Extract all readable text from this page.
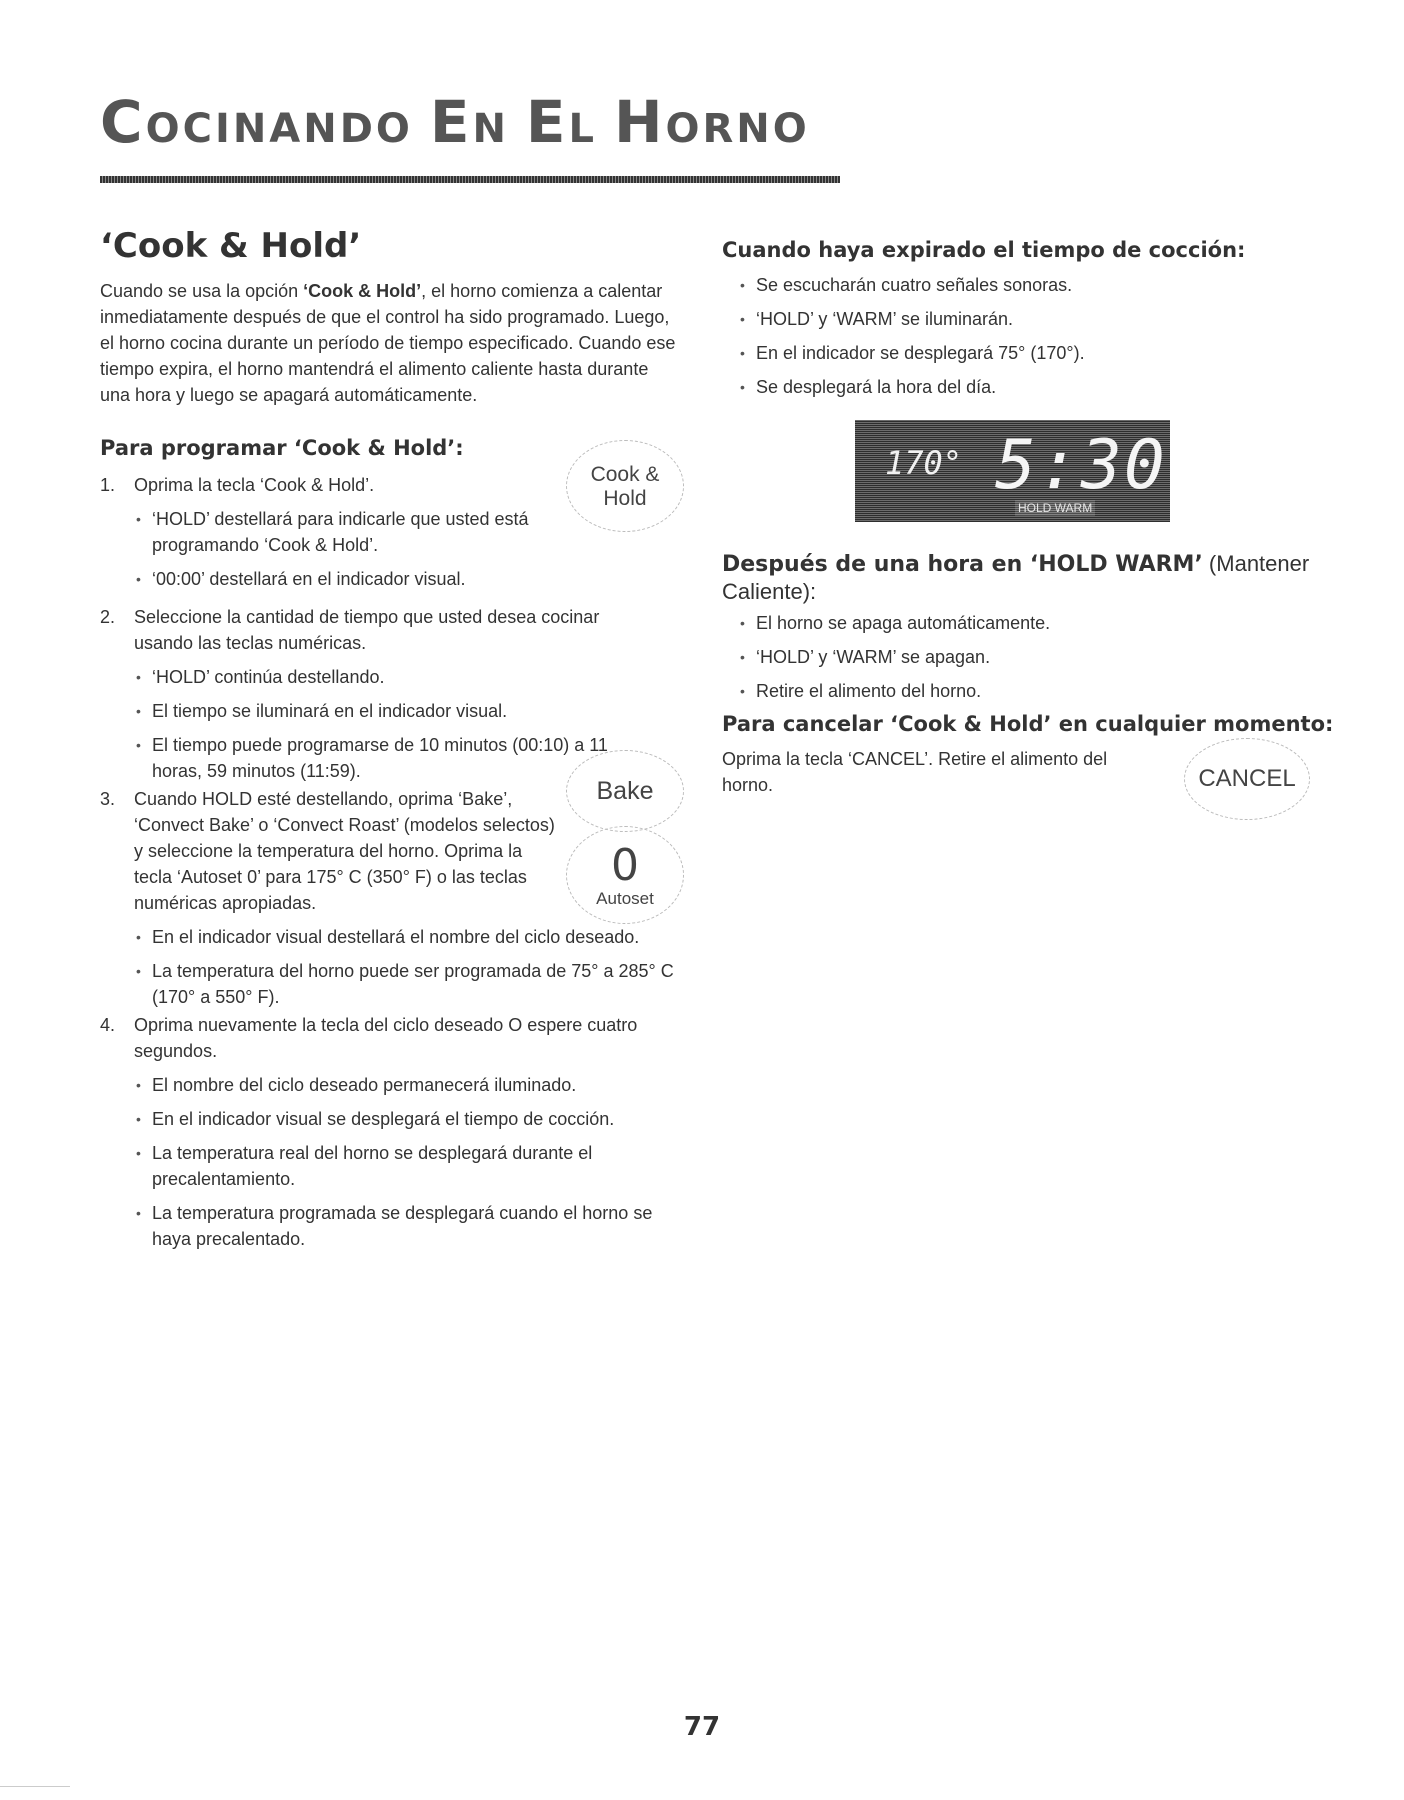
COCINANDO EN EL HORNO
‘Cook & Hold’

Cuando se usa la opción ‘Cook & Hold’, el horno comienza a calentar inmediatamente después de que el control ha sido programado. Luego, el horno cocina durante un período de tiempo especificado. Cuando ese tiempo expira, el horno mantendrá el alimento caliente hasta durante una hora y luego se apagará automáticamente.

Para programar ‘Cook & Hold’:
1. Oprima la tecla ‘Cook & Hold’.
• ‘HOLD’ destellará para indicarle que usted está programando ‘Cook & Hold’.
• ‘00:00’ destellará en el indicador visual.
2. Seleccione la cantidad de tiempo que usted desea cocinar usando las teclas numéricas.
• ‘HOLD’ continúa destellando.
• El tiempo se iluminará en el indicador visual.
• El tiempo puede programarse de 10 minutos (00:10) a 11 horas, 59 minutos (11:59).
3. Cuando HOLD esté destellando, oprima ‘Bake’, ‘Convect Bake’ o ‘Convect Roast’ (modelos selectos) y seleccione la temperatura del horno. Oprima la tecla ‘Autoset 0’ para 175° C (350° F) o las teclas numéricas apropiadas.
• En el indicador visual destellará el nombre del ciclo deseado.
• La temperatura del horno puede ser programada de 75° a 285° C (170° a 550° F).
4. Oprima nuevamente la tecla del ciclo deseado O espere cuatro segundos.
• El nombre del ciclo deseado permanecerá iluminado.
• En el indicador visual se desplegará el tiempo de cocción.
• La temperatura real del horno se desplegará durante el precalentamiento.
• La temperatura programada se desplegará cuando el horno se haya precalentado.
Cook &
Hold
Bake
0
Autoset
Cuando haya expirado el tiempo de cocción:
• Se escucharán cuatro señales sonoras.
• ‘HOLD’ y ‘WARM’ se iluminarán.
• En el indicador se desplegará 75° (170°).
• Se desplegará la hora del día.
170° 5:30
HOLD WARM
Después de una hora en ‘HOLD WARM’ (Mantener Caliente):
• El horno se apaga automáticamente.
• ‘HOLD’ y ‘WARM’ se apagan.
• Retire el alimento del horno.
Para cancelar ‘Cook & Hold’ en cualquier momento:

Oprima la tecla ‘CANCEL’. Retire el alimento del horno.	CANCEL

77
